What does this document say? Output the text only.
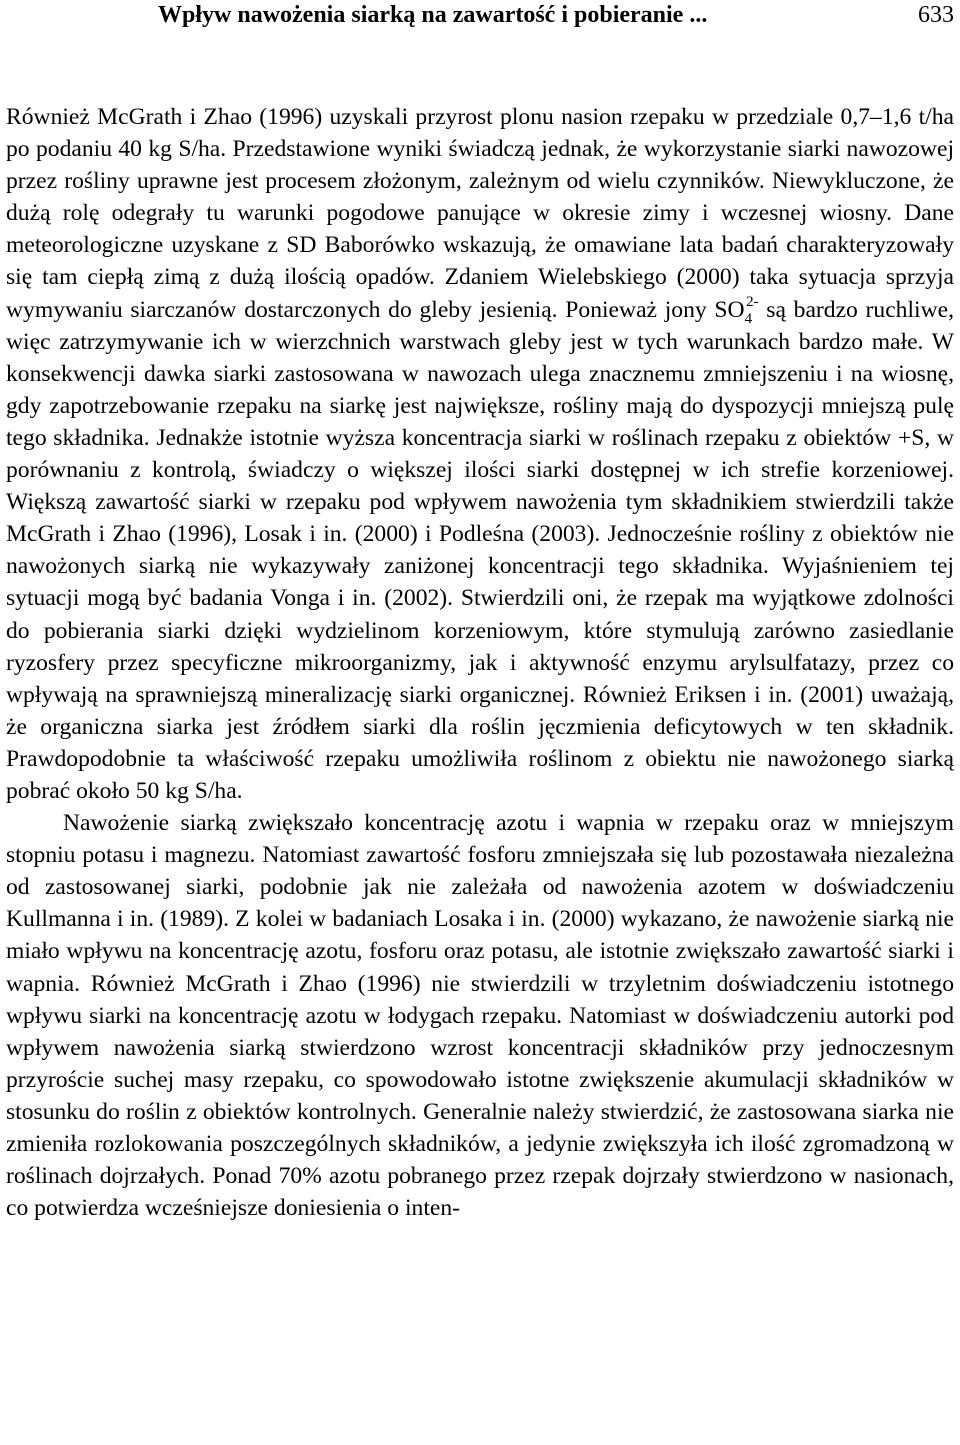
Wpływ nawożenia siarką na zawartość i pobieranie ...	633

Również McGrath i Zhao (1996) uzyskali przyrost plonu nasion rzepaku w przedziale 0,7–1,6 t/ha po podaniu 40 kg S/ha. Przedstawione wyniki świadczą jednak, że wykorzystanie siarki nawozowej przez rośliny uprawne jest procesem złożonym, zależnym od wielu czynników. Niewykluczone, że dużą rolę odegrały tu warunki pogodowe panujące w okresie zimy i wczesnej wiosny. Dane meteorologiczne uzyskane z SD Baborówko wskazują, że omawiane lata badań charakteryzowały się tam ciepłą zimą z dużą ilością opadów. Zdaniem Wielebskiego (2000) taka sytuacja sprzyja wymywaniu siarczanów dostarczonych do gleby jesienią. Ponieważ jony $SO_4^{2-}$ są bardzo ruchliwe, więc zatrzymywanie ich w wierzchnich warstwach gleby jest w tych warunkach bardzo małe. W konsekwencji dawka siarki zastosowana w nawozach ulega znacznemu zmniejszeniu i na wiosnę, gdy zapotrzebowanie rzepaku na siarkę jest największe, rośliny mają do dyspozycji mniejszą pulę tego składnika. Jednakże istotnie wyższa koncentracja siarki w roślinach rzepaku z obiektów +S, w porównaniu z kontrolą, świadczy o większej ilości siarki dostępnej w ich strefie korzeniowej. Większą zawartość siarki w rzepaku pod wpływem nawożenia tym składnikiem stwierdzili także McGrath i Zhao (1996), Losak i in. (2000) i Podleśna (2003). Jednocześnie rośliny z obiektów nie nawożonych siarką nie wykazywały zaniżonej koncentracji tego składnika. Wyjaśnieniem tej sytuacji mogą być badania Vonga i in. (2002). Stwierdzili oni, że rzepak ma wyjątkowe zdolności do pobierania siarki dzięki wydzielinom korzeniowym, które stymulują zarówno zasiedlanie ryzosfery przez specyficzne mikroorganizmy, jak i aktywność enzymu arylsulfatazy, przez co wpływają na sprawniejszą mineralizację siarki organicznej. Również Eriksen i in. (2001) uważają, że organiczna siarka jest źródłem siarki dla roślin jęczmienia deficytowych w ten składnik. Prawdopodobnie ta właściwość rzepaku umożliwiła roślinom z obiektu nie nawożonego siarką pobrać około 50 kg S/ha.

Nawożenie siarką zwiększało koncentrację azotu i wapnia w rzepaku oraz w mniejszym stopniu potasu i magnezu. Natomiast zawartość fosforu zmniejszała się lub pozostawała niezależna od zastosowanej siarki, podobnie jak nie zależała od nawożenia azotem w doświadczeniu Kullmanna i in. (1989). Z kolei w badaniach Losaka i in. (2000) wykazano, że nawożenie siarką nie miało wpływu na koncentrację azotu, fosforu oraz potasu, ale istotnie zwiększało zawartość siarki i wapnia. Również McGrath i Zhao (1996) nie stwierdzili w trzyletnim doświadczeniu istotnego wpływu siarki na koncentrację azotu w łodygach rzepaku. Natomiast w doświadczeniu autorki pod wpływem nawożenia siarką stwierdzono wzrost koncentracji składników przy jednoczesnym przyroście suchej masy rzepaku, co spowodowało istotne zwiększenie akumulacji składników w stosunku do roślin z obiektów kontrolnych. Generalnie należy stwierdzić, że zastosowana siarka nie zmieniła rozlokowania poszczególnych składników, a jedynie zwiększyła ich ilość zgromadzoną w roślinach dojrzałych. Ponad 70% azotu pobranego przez rzepak dojrzały stwierdzono w nasionach, co potwierdza wcześniejsze doniesienia o inten-
